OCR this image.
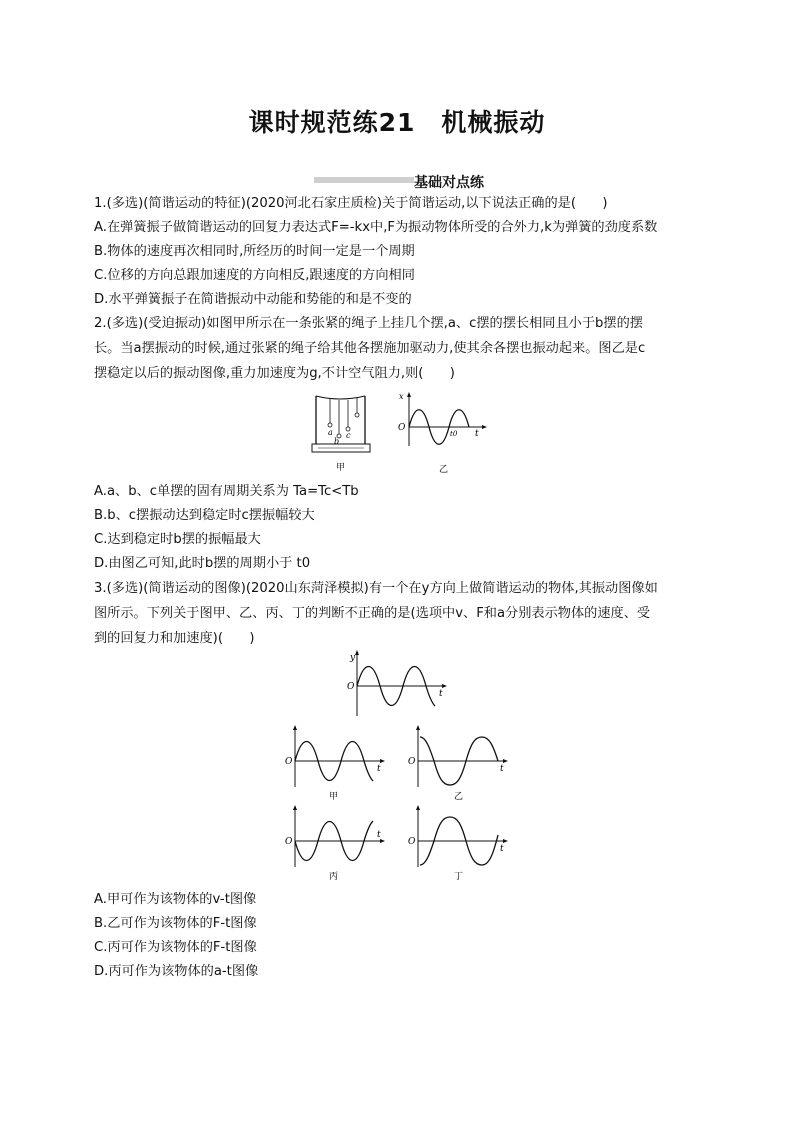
课时规范练21　机械振动
基础对点练
1.(多选)(简谐运动的特征)(2020河北石家庄质检)关于简谐运动,以下说法正确的是(　　)
A.在弹簧振子做简谐运动的回复力表达式F=-kx中,F为振动物体所受的合外力,k为弹簧的劲度系数
B.物体的速度再次相同时,所经历的时间一定是一个周期
C.位移的方向总跟加速度的方向相反,跟速度的方向相同
D.水平弹簧振子在简谐振动中动能和势能的和是不变的
2.(多选)(受迫振动)如图甲所示在一条张紧的绳子上挂几个摆,a、c摆的摆长相同且小于b摆的摆
长。当a摆振动的时候,通过张紧的绳子给其他各摆施加驱动力,使其余各摆也振动起来。图乙是c
摆稳定以后的振动图像,重力加速度为g,不计空气阻力,则(　　)
a
b
c
甲
x
O
t
t0
乙
A.a、b、c单摆的固有周期关系为 Ta=Tc<Tb
B.b、c摆振动达到稳定时c摆振幅较大
C.达到稳定时b摆的振幅最大
D.由图乙可知,此时b摆的周期小于 t0
3.(多选)(简谐运动的图像)(2020山东菏泽模拟)有一个在y方向上做简谐运动的物体,其振动图像如
图所示。下列关于图甲、乙、丙、丁的判断不正确的是(选项中v、F和a分别表示物体的速度、受
到的回复力和加速度)(　　)
y
O
t
O
t
甲
O
t
乙
O
t
丙
O
t
丁
A.甲可作为该物体的v-t图像
B.乙可作为该物体的F-t图像
C.丙可作为该物体的F-t图像
D.丙可作为该物体的a-t图像
